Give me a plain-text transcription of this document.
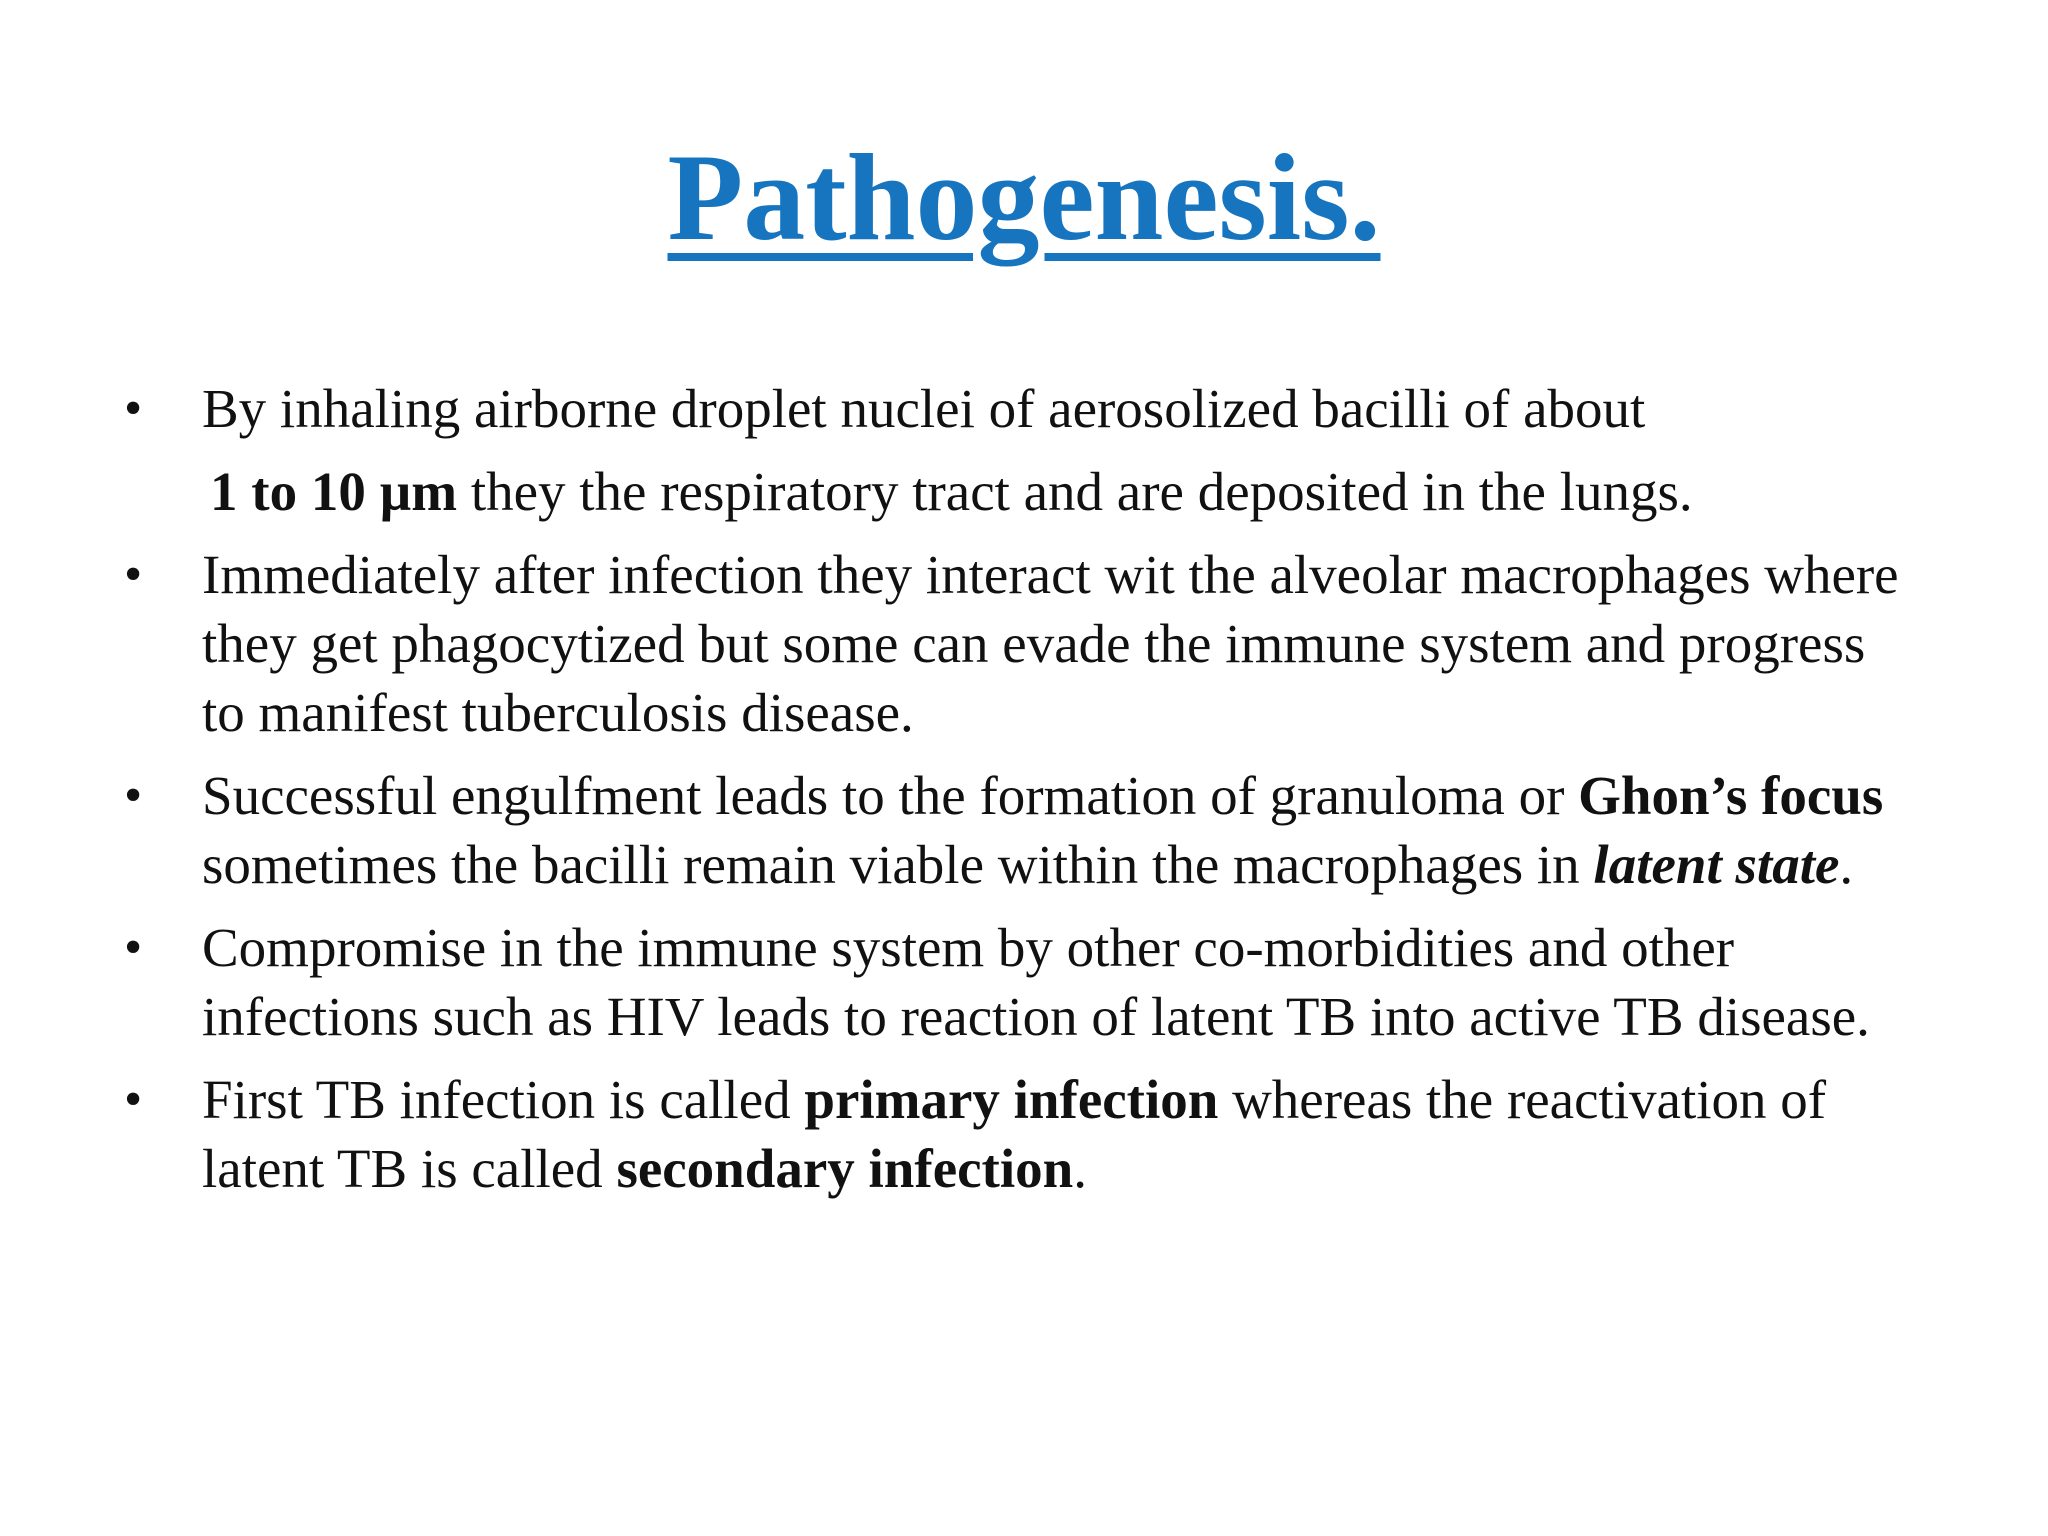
Pathogenesis.
• By inhaling airborne droplet nuclei of aerosolized bacilli of about
1 to 10 µm they the respiratory tract and are deposited in the lungs.
• Immediately after infection they interact wit the alveolar macrophages where
they get phagocytized but some can evade the immune system and progress
to manifest tuberculosis disease.
• Successful engulfment leads to the formation of granuloma or Ghon’s focus
sometimes the bacilli remain viable within the macrophages in latent state.
• Compromise in the immune system by other co-morbidities and other
infections such as HIV leads to reaction of latent TB into active TB disease.
• First TB infection is called primary infection whereas the reactivation of
latent TB is called secondary infection.
